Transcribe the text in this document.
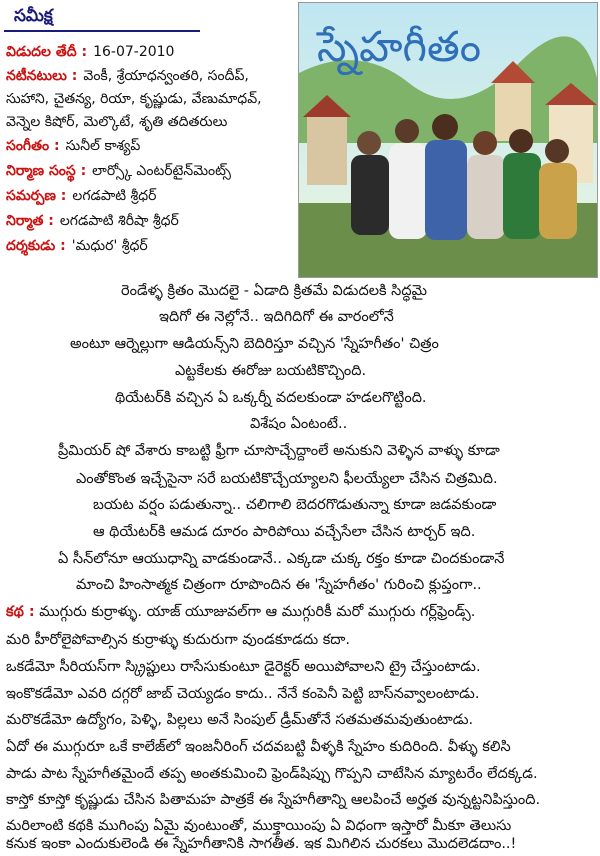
సమీక్ష
విడుదల తేదీ : 16-07-2010
నటీనటులు : వెంకీ, శ్రేయాధన్వంతరి, సందీప్,
సుహాని, చైతన్య, రియా, కృష్ణుడు, వేణుమాధవ్,
వెన్నెల కిషోర్, మెల్కొటే, శృతి తదితరులు
సంగీతం : సునీల్ కాశ్యప్
నిర్మాణ సంస్థ : లార్స్కో ఎంటర్‌టైన్‌మెంట్స్
సమర్పణ : లగడపాటి శ్రీధర్
నిర్మాత : లగడపాటి శిరీషా శ్రీధర్
దర్శకుడు : 'మధుర' శ్రీధర్
స్నేహగీతం
రెండేళ్ళ క్రితం మొదలై - ఏడాది క్రితమే విడుదలకి సిద్ధమై
ఇదిగో ఈ నెల్లోనే.. ఇదిగిదిగో ఈ వారంలోనే
అంటూ ఆర్నెల్లుగా ఆడియన్స్‌ని బెదిరిస్తూ వచ్చిన 'స్నేహగీతం' చిత్రం
ఎట్టకేలకు ఈరోజు బయటికొచ్చింది.
థియేటర్‌కి వచ్చిన ఏ ఒక్కర్నీ వదలకుండా హడలగొట్టింది.
విశేషం ఏంటంటే..
ప్రీమియర్ షో వేశారు కాబట్టి ఫ్రీగా చూసొచ్చేద్దాంలే అనుకుని వెళ్ళిన వాళ్ళు కూడా
ఎంతోకొంత ఇచ్చేసైనా సరే బయటికొచ్చేయ్యాలని ఫీలయ్యేలా చేసిన చిత్రమిది.
బయట వర్షం పడుతున్నా.. చలిగాలి బెదరగొడుతున్నా కూడా జడవకుండా
ఆ థియేటర్‌కి ఆమడ దూరం పారిపోయి వచ్చేసేలా చేసిన టార్చర్ ఇది.
ఏ సీన్‌లోనూ ఆయుధాన్ని వాడకుండానే.. ఎక్కడా చుక్క రక్తం కూడా చిందకుండానే
మాంచి హింసాత్మక చిత్రంగా రూపొందిన ఈ 'స్నేహగీతం' గురించి క్లుప్తంగా..
కథ : ముగ్గురు కుర్రాళ్ళు. యాజ్ యూజువల్‌గా ఆ ముగ్గురికీ మరో ముగ్గురు గర్ల్‌ఫ్రెండ్స్.
మరి హీరోలైపోవాల్సిన కుర్రాళ్ళు కుదురుగా వుండకూడదు కదా.
ఒకడేమో సీరియస్‌గా స్క్రిప్టులు రాసేసుకుంటూ డైరెక్టర్ అయిపోవాలని ట్రై చేస్తుంటాడు.
ఇంకొకడేమో ఎవరి దగ్గరో జాబ్ చెయ్యడం కాదు.. నేనే కంపెనీ పెట్టి బాస్‌నవ్వాలంటాడు.
మరొకడేమో ఉద్యోగం, పెళ్ళి, పిల్లలు అనే సింపుల్ డ్రీమ్‌తోనే సతమతమవుతుంటాడు.
ఏదో ఈ ముగ్గురూ ఒకే కాలేజ్‌లో ఇంజనీరింగ్ చదవబట్టి వీళ్ళకి స్నేహం కుదిరింది. వీళ్ళు కలిసి
పాడు పాట స్నేహగీతమైందే తప్ప అంతకుమించి ఫ్రెండ్‌షిప్పు గొప్పని చాటేసిన మ్యాటరేం లేదక్కడ.
కాస్తో కూస్తో కృష్ణుడు చేసిన పితామహ పాత్రకే ఈ స్నేహగీతాన్ని ఆలపించే అర్హత వున్నట్టనిపిస్తుంది.
మరిలాంటి కథకి ముగింపు ఏమై వుంటుంతో, ముక్తాయింపు ఏ విధంగా ఇస్తారో మీకూ తెలుసు
కనుక ఇంకా ఎందుకులెండి ఈ స్నేహగీతానికి సాగతీత. ఇక మిగిలిన చురకలు మొదలెడదాం..!
